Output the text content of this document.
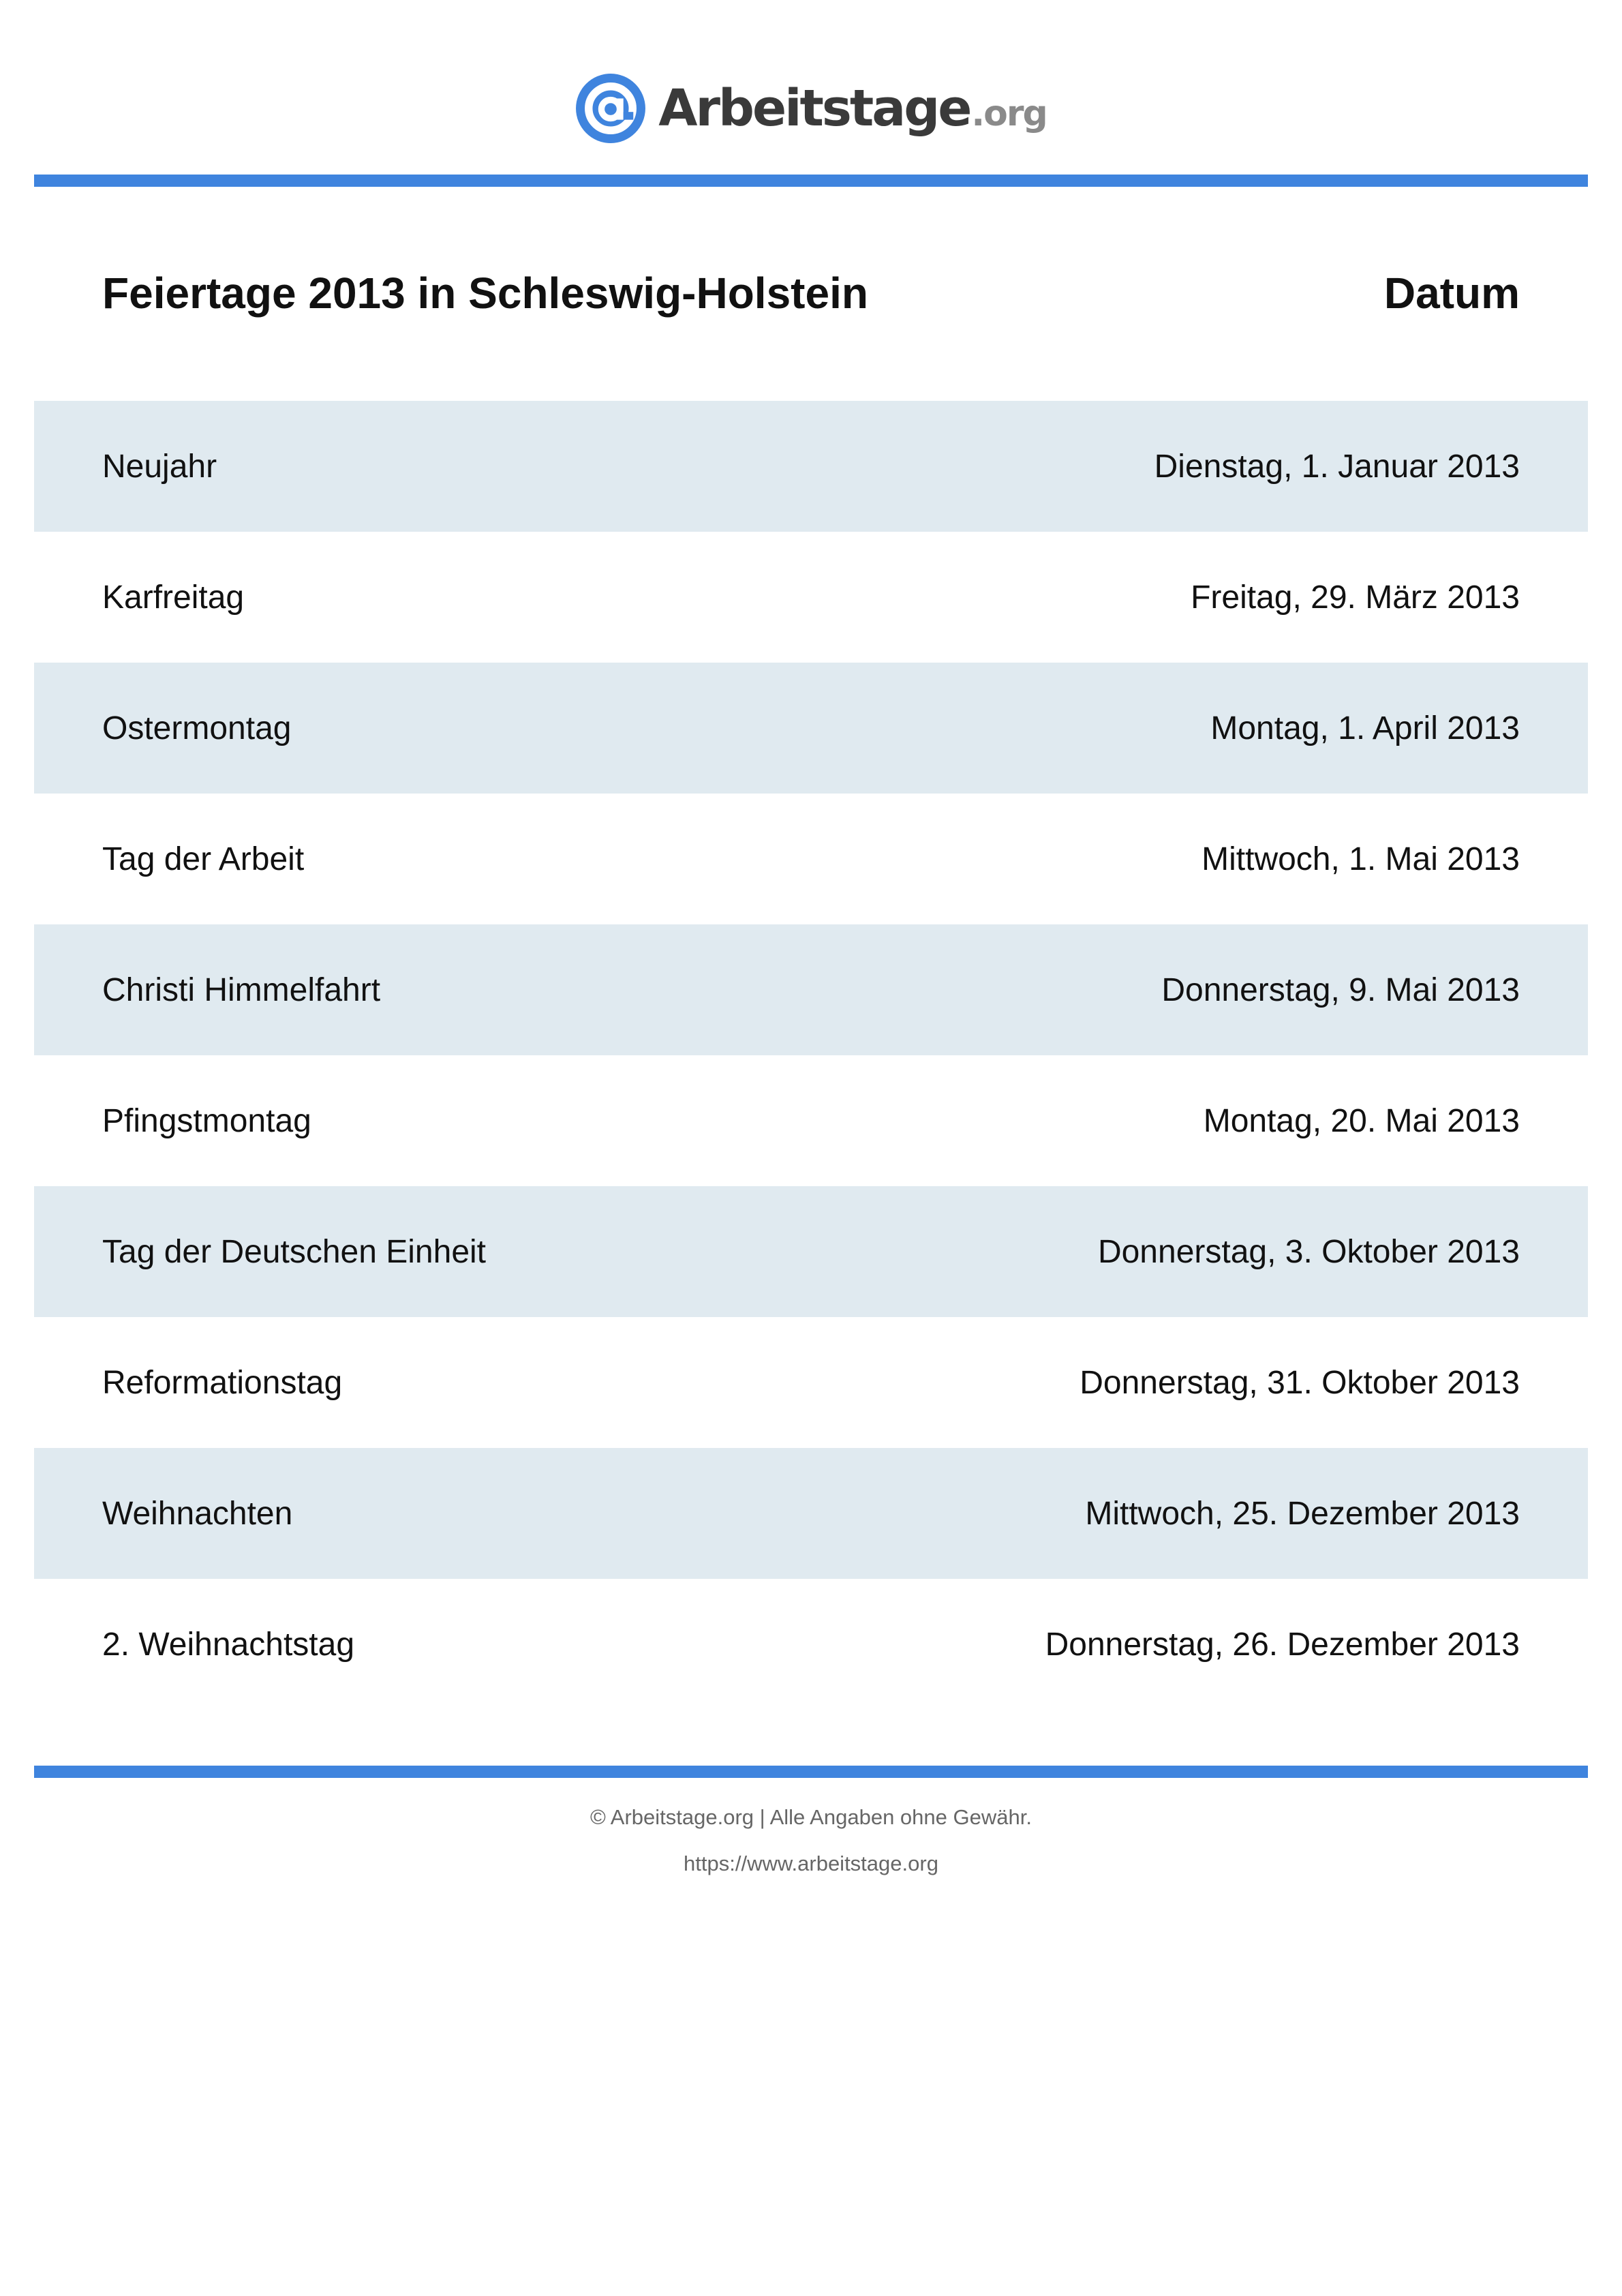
Arbeitstage .org
Feiertage 2013 in Schleswig-Holstein	Datum
Neujahr	Dienstag, 1. Januar 2013
Karfreitag	Freitag, 29. März 2013
Ostermontag	Montag, 1. April 2013
Tag der Arbeit	Mittwoch, 1. Mai 2013
Christi Himmelfahrt	Donnerstag, 9. Mai 2013
Pfingstmontag	Montag, 20. Mai 2013
Tag der Deutschen Einheit	Donnerstag, 3. Oktober 2013
Reformationstag	Donnerstag, 31. Oktober 2013
Weihnachten	Mittwoch, 25. Dezember 2013
2. Weihnachtstag	Donnerstag, 26. Dezember 2013
© Arbeitstage.org | Alle Angaben ohne Gewähr.
https://www.arbeitstage.org
